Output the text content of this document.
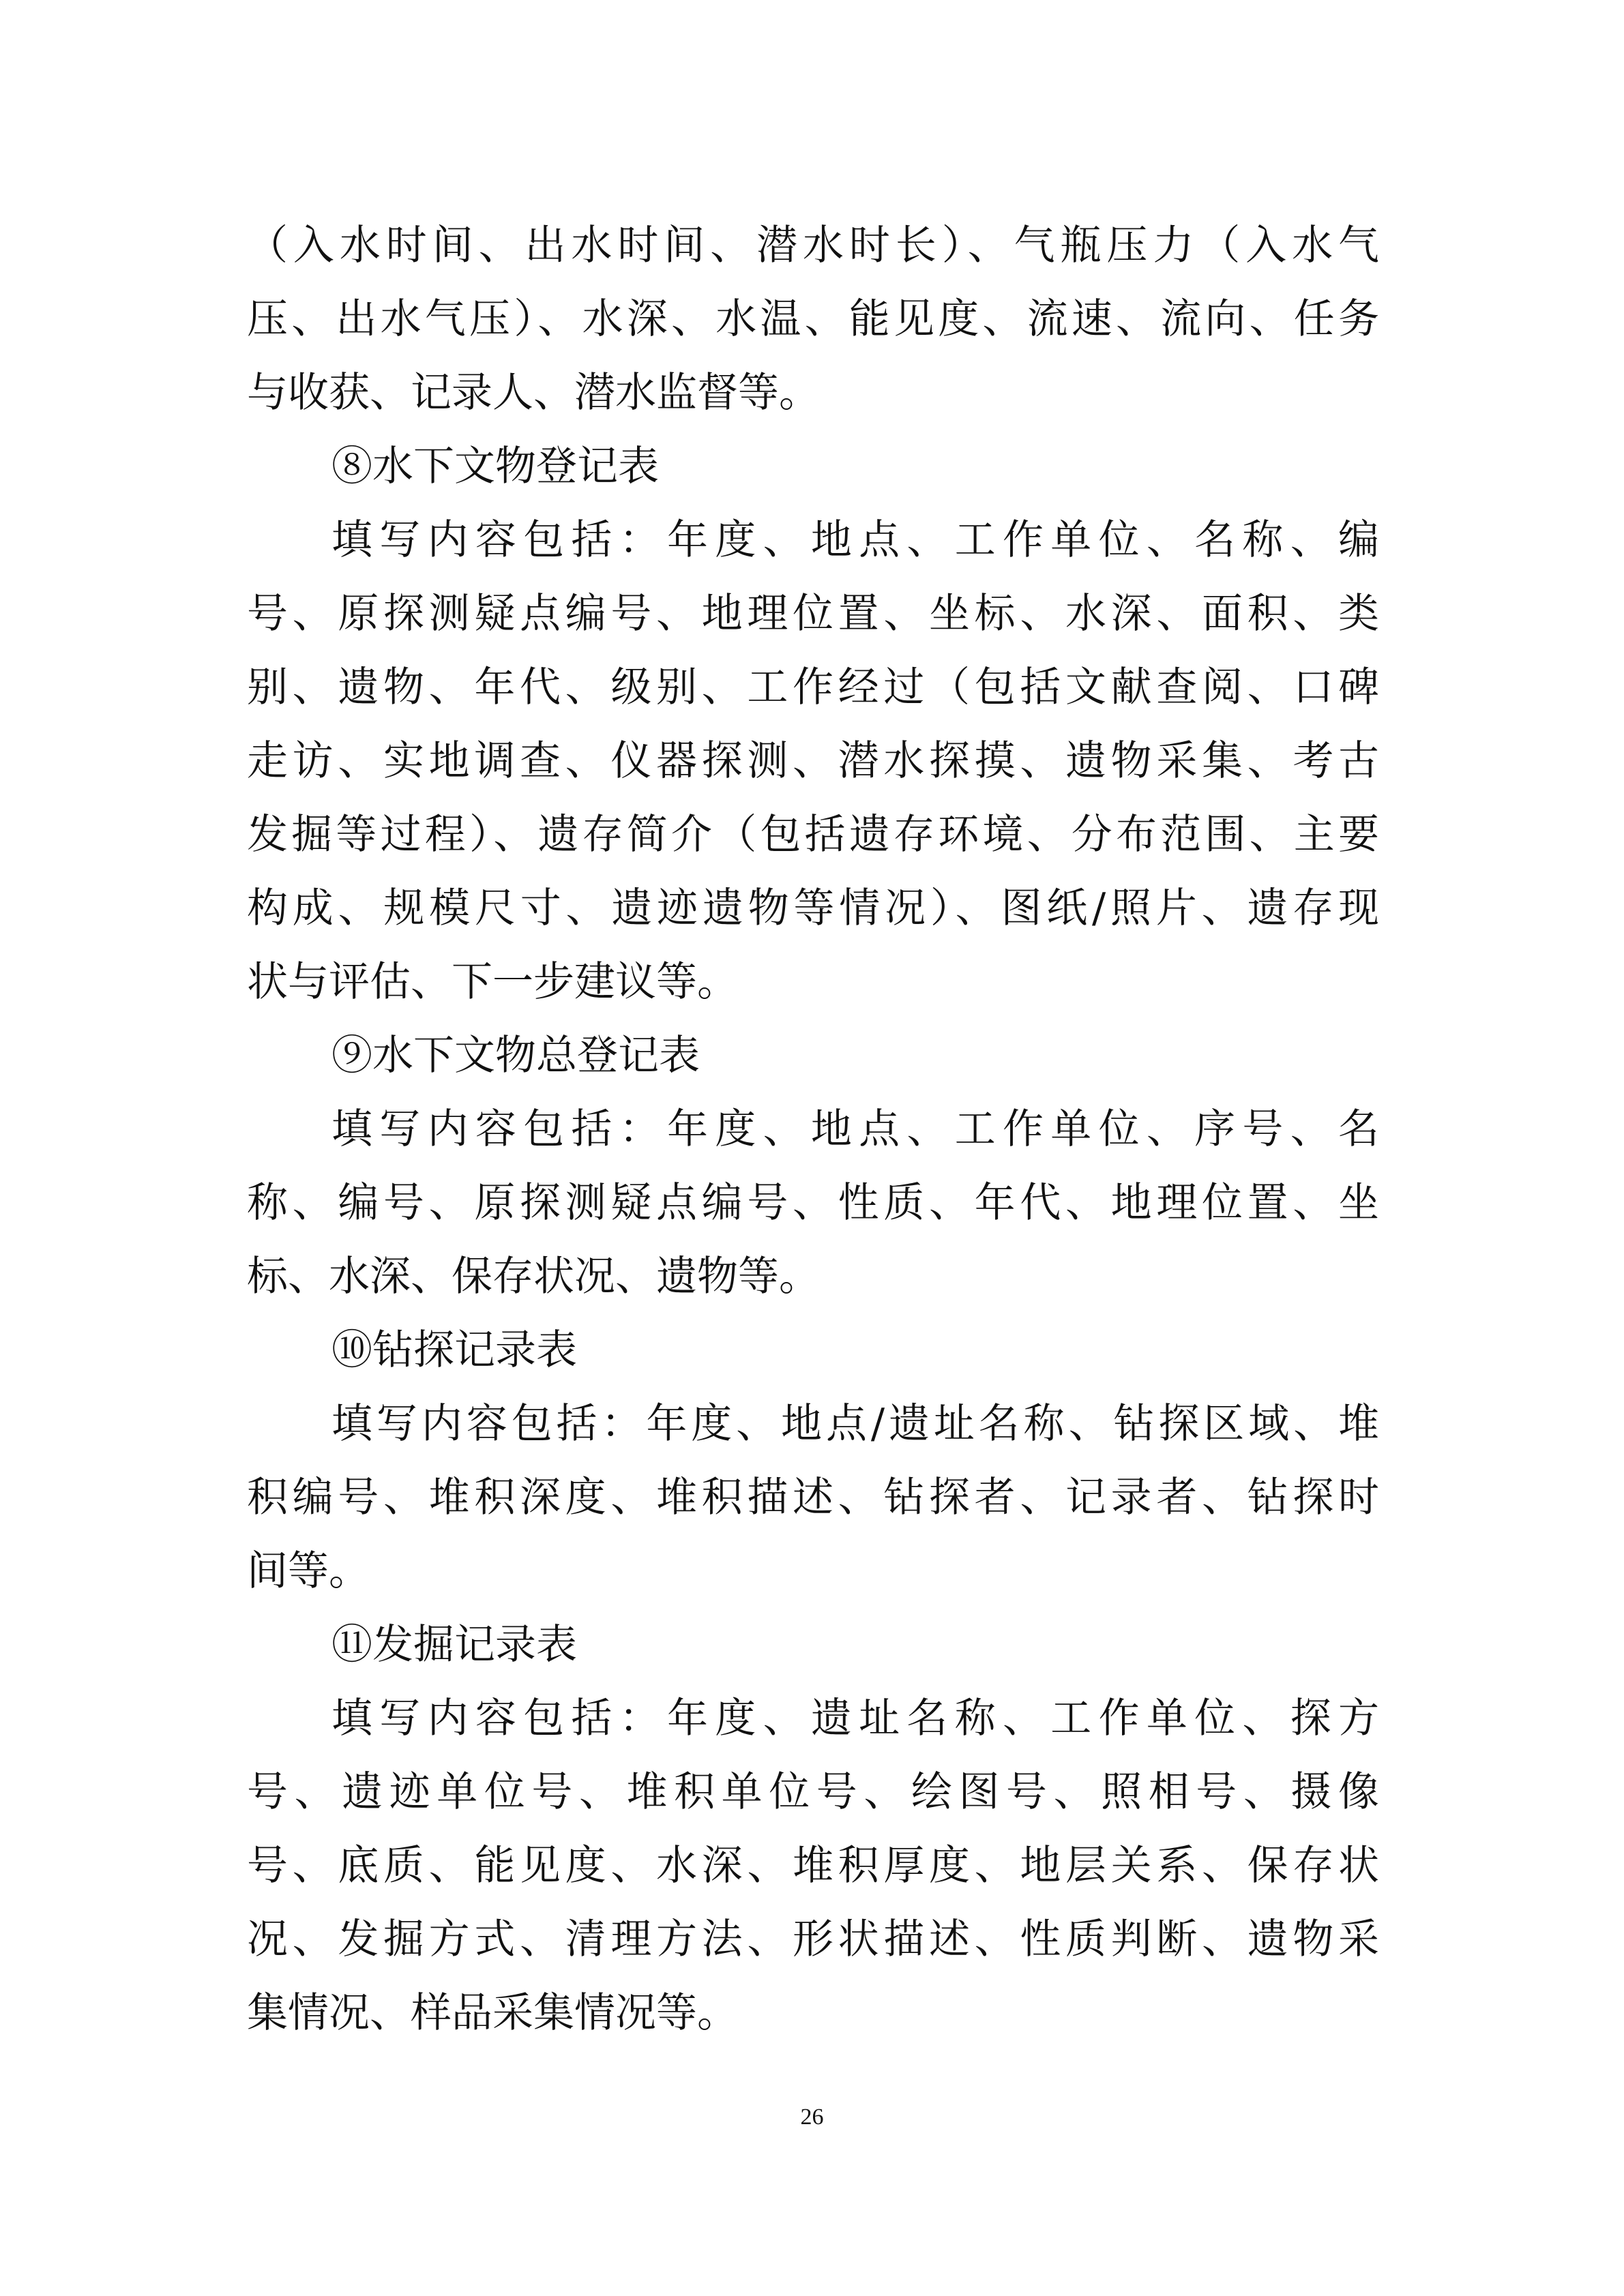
（入水时间、出水时间、潜水时长）、气瓶压力（入水气
压、出水气压）、水深、水温、能见度、流速、流向、任务
与收获、记录人、潜水监督等。
⑧水下文物登记表
填写内容包括：年度、地点、工作单位、名称、编
号、原探测疑点编号、地理位置、坐标、水深、面积、类
别、遗物、年代、级别、工作经过（包括文献查阅、口碑
走访、实地调查、仪器探测、潜水探摸、遗物采集、考古
发掘等过程）、遗存简介（包括遗存环境、分布范围、主要
构成、规模尺寸、遗迹遗物等情况）、图纸/照片、遗存现
状与评估、下一步建议等。
⑨水下文物总登记表
填写内容包括：年度、地点、工作单位、序号、名
称、编号、原探测疑点编号、性质、年代、地理位置、坐
标、水深、保存状况、遗物等。
⑩钻探记录表
填写内容包括：年度、地点/遗址名称、钻探区域、堆
积编号、堆积深度、堆积描述、钻探者、记录者、钻探时
间等。
⑪发掘记录表
填写内容包括：年度、遗址名称、工作单位、探方
号、遗迹单位号、堆积单位号、绘图号、照相号、摄像
号、底质、能见度、水深、堆积厚度、地层关系、保存状
况、发掘方式、清理方法、形状描述、性质判断、遗物采
集情况、样品采集情况等。
26
